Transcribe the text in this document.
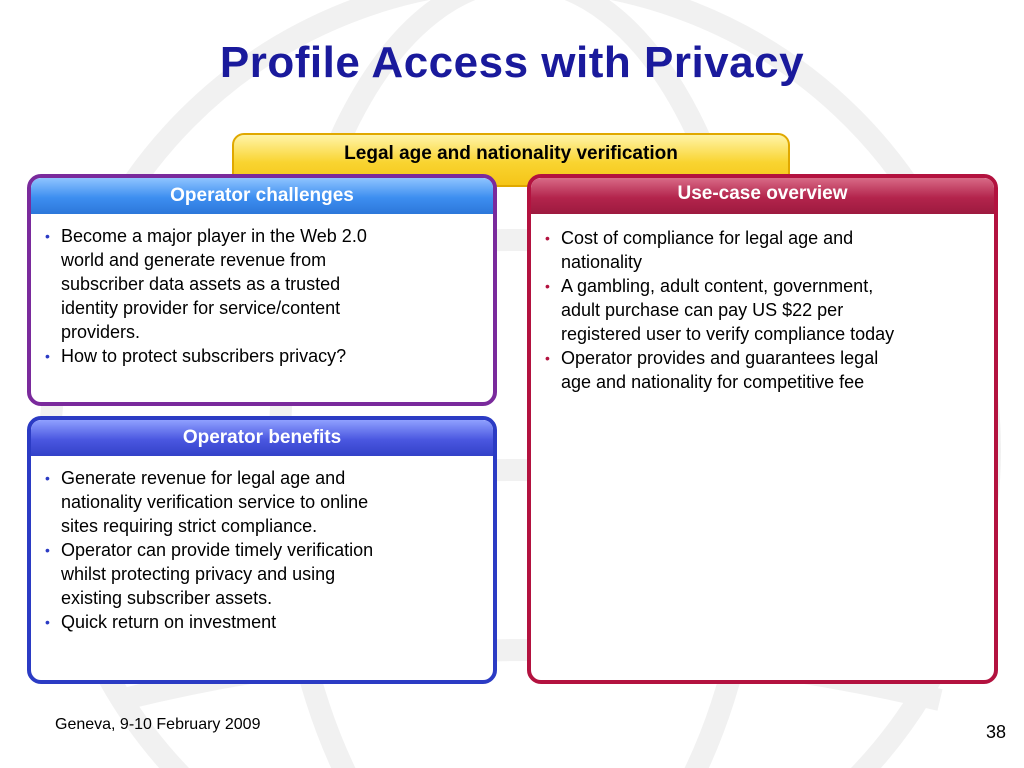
Profile Access with Privacy
Legal age and nationality verification
Operator challenges
• Become a major player in the Web 2.0
world and generate revenue from
subscriber data assets as a trusted
identity provider for service/content
providers.
• How to protect subscribers privacy?
Operator benefits
• Generate revenue for legal age and
nationality verification service to online
sites requiring strict compliance.
• Operator can provide timely verification
whilst protecting privacy and using
existing subscriber assets.
• Quick return on investment
Use-case overview
• Cost of compliance for legal age and
nationality
• A gambling, adult content, government,
adult purchase can pay US $22 per
registered user to verify compliance today
• Operator provides and guarantees legal
age and nationality for competitive fee
Geneva, 9-10 February 2009	38
